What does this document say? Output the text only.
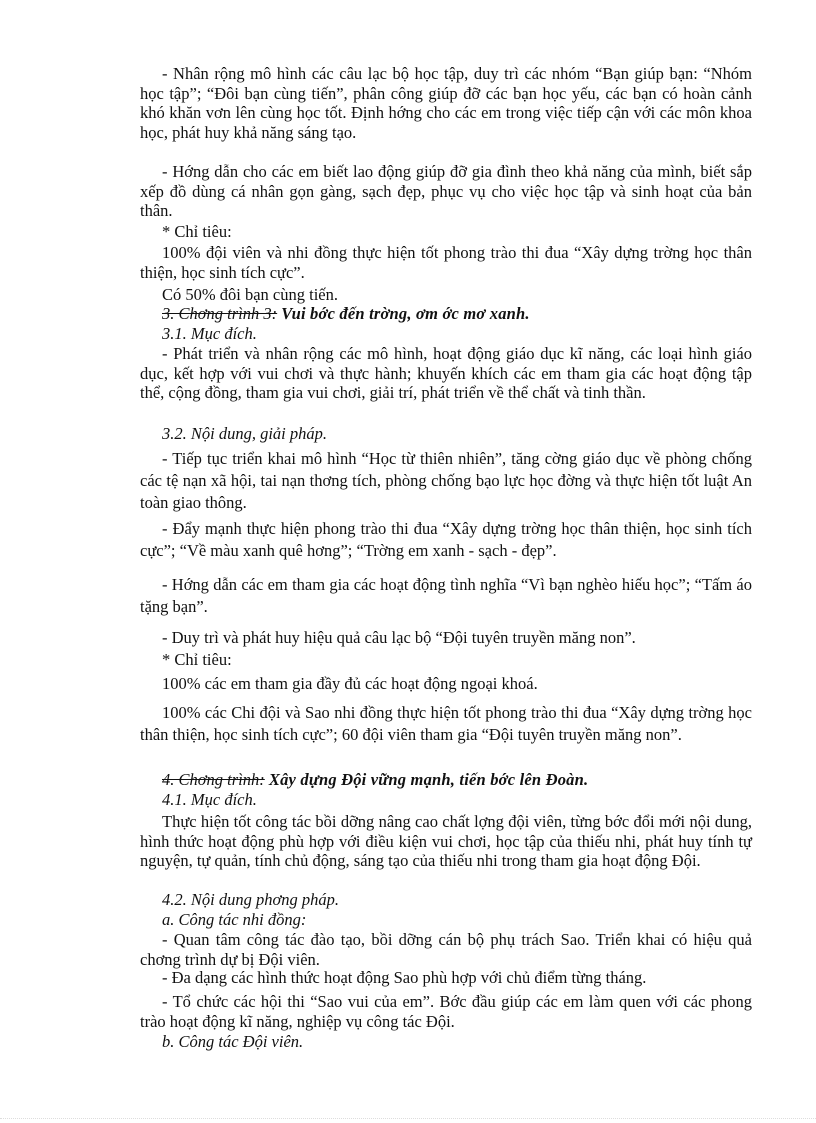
- Nhân rộng mô hình các câu lạc bộ học tập, duy trì các nhóm “Bạn giúp bạn: “Nhóm học tập”; “Đôi bạn cùng tiến”, phân công giúp đỡ các bạn học yếu, các bạn có hoàn cảnh khó khăn vơn lên cùng học tốt. Định hớng cho các em trong việc tiếp cận với các môn khoa học, phát huy khả năng sáng tạo.

- Hớng dẫn cho các em biết lao động giúp đỡ gia đình theo khả năng của mình, biết sắp xếp đồ dùng cá nhân gọn gàng, sạch đẹp, phục vụ cho việc học tập và sinh hoạt của bản thân.

* Chỉ tiêu:

100% đội viên và nhi đồng thực hiện tốt phong trào thi đua “Xây dựng trờng học thân thiện, học sinh tích cực”.

Có 50% đôi bạn cùng tiến.

3. Chơng trình 3: Vui bớc đến trờng, ơm ớc mơ xanh.

3.1. Mục đích.

- Phát triển và nhân rộng các mô hình, hoạt động giáo dục kĩ năng, các loại hình giáo dục, kết hợp với vui chơi và thực hành; khuyến khích các em tham gia các hoạt động tập thể, cộng đồng, tham gia vui chơi, giải trí, phát triển về thể chất và tinh thần.

3.2. Nội dung, giải pháp.

- Tiếp tục triển khai mô hình “Học từ thiên nhiên”, tăng cờng giáo dục về phòng chống các tệ nạn xã hội, tai nạn thơng tích, phòng chống bạo lực học đờng và thực hiện tốt luật An toàn giao thông.

- Đẩy mạnh thực hiện phong trào thi đua “Xây dựng trờng học thân thiện, học sinh tích cực”; “Về màu xanh quê hơng”; “Trờng em xanh - sạch - đẹp”.

- Hớng dẫn các em tham gia các hoạt động tình nghĩa “Vì bạn nghèo hiếu học”; “Tấm áo tặng bạn”.

- Duy trì và phát huy hiệu quả câu lạc bộ “Đội tuyên truyền măng non”.

* Chỉ tiêu:

100% các em tham gia đầy đủ các hoạt động ngoại khoá.

100% các Chi đội và Sao nhi đồng thực hiện tốt phong trào thi đua “Xây dựng trờng học thân thiện, học sinh tích cực”; 60 đội viên tham gia “Đội tuyên truyền măng non”.

4. Chơng trình: Xây dựng Đội vững mạnh, tiến bớc lên Đoàn.

4.1. Mục đích.

Thực hiện tốt công tác bồi dỡng nâng cao chất lợng đội viên, từng bớc đổi mới nội dung, hình thức hoạt động phù hợp với điều kiện vui chơi, học tập của thiếu nhi, phát huy tính tự nguyện, tự quản, tính chủ động, sáng tạo của thiếu nhi trong tham gia hoạt động Đội.

4.2. Nội dung phơng pháp.

a. Công tác nhi đồng:

- Quan tâm công tác đào tạo, bồi dỡng cán bộ phụ trách Sao. Triển khai có hiệu quả chơng trình dự bị Đội viên.

- Đa dạng các hình thức hoạt động Sao phù hợp với chủ điểm từng tháng.

- Tổ chức các hội thi “Sao vui của em”. Bớc đầu giúp các em làm quen với các phong trào hoạt động kĩ năng, nghiệp vụ công tác Đội.

b. Công tác Đội viên.
